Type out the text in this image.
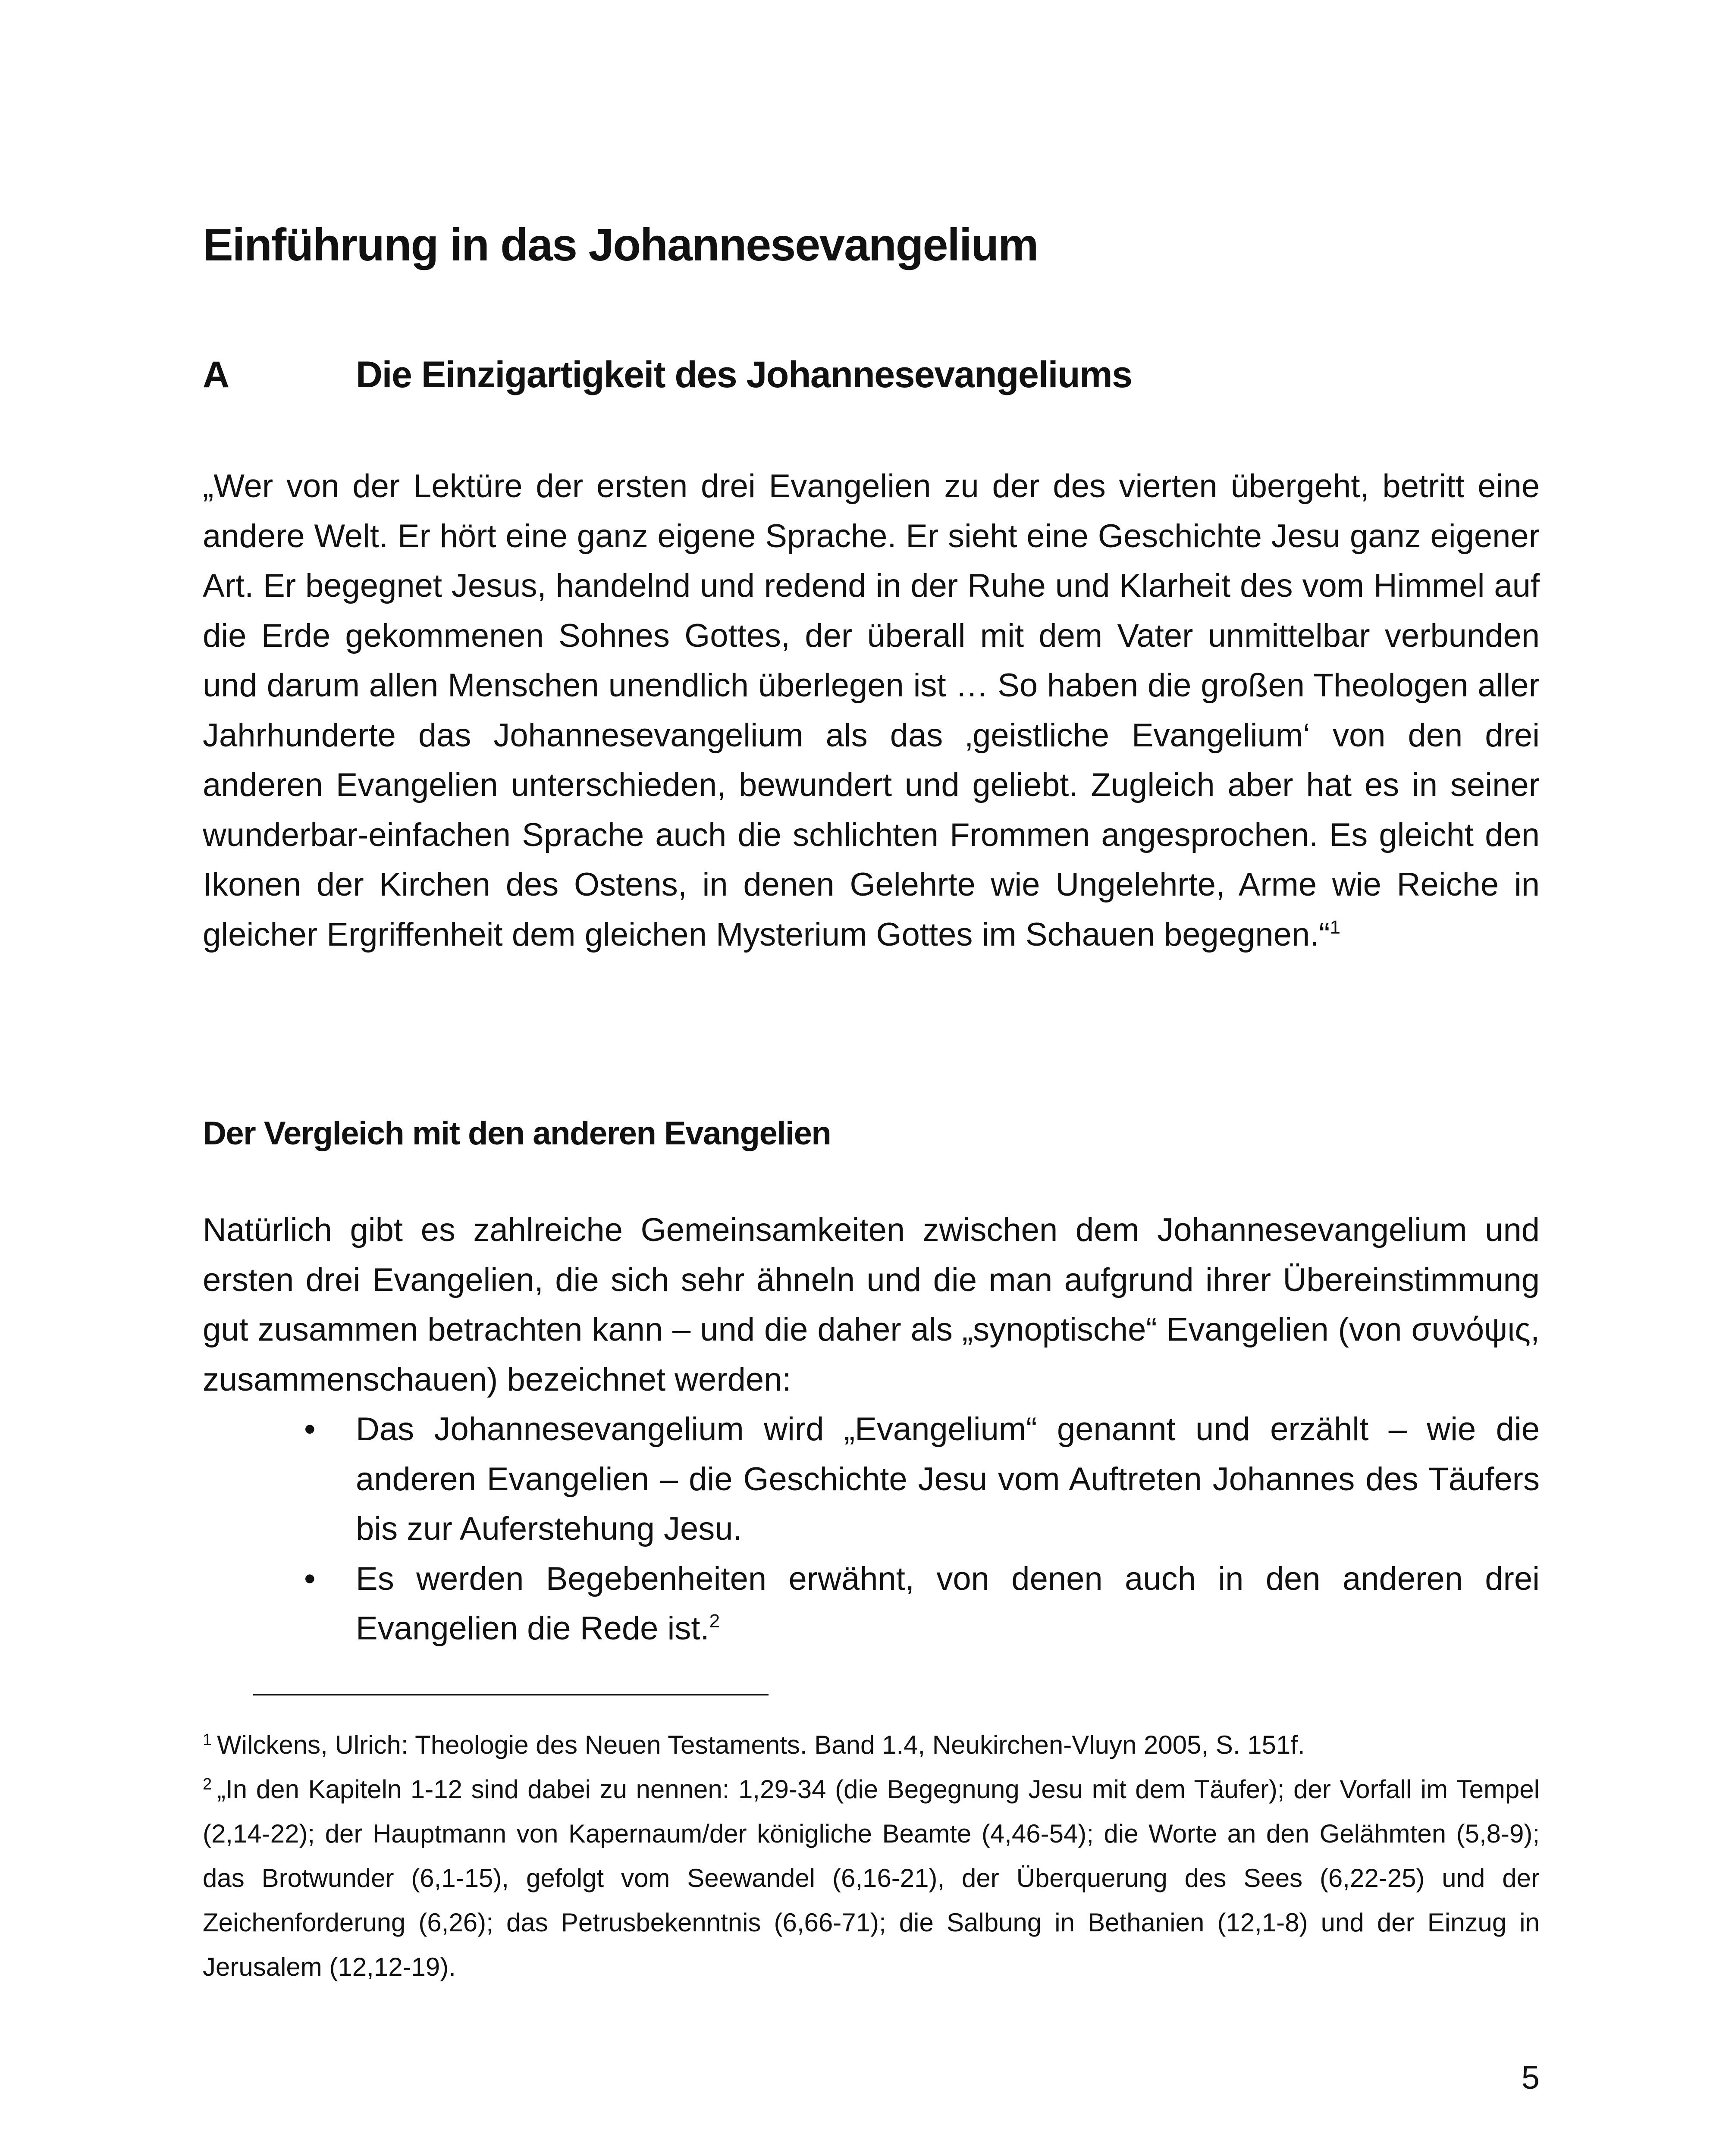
Einführung in das Johannesevangelium
A	Die Einzigartigkeit des Johannesevangeliums

„Wer von der Lektüre der ersten drei Evangelien zu der des vierten übergeht, betritt eine andere Welt. Er hört eine ganz eigene Sprache. Er sieht eine Geschichte Jesu ganz eigener Art. Er begegnet Jesus, handelnd und redend in der Ruhe und Klarheit des vom Himmel auf die Erde gekommenen Sohnes Gottes, der überall mit dem Vater unmittelbar verbunden und darum allen Menschen unendlich überlegen ist … So haben die großen Theologen aller Jahrhunderte das Johannesevangelium als das ‚geistliche Evangelium‘ von den drei anderen Evangelien unterschieden, bewundert und geliebt. Zugleich aber hat es in seiner wunderbar-einfachen Sprache auch die schlichten Frommen angesprochen. Es gleicht den Ikonen der Kirchen des Ostens, in denen Gelehrte wie Ungelehrte, Arme wie Reiche in gleicher Ergriffenheit dem gleichen Mysterium Gottes im Schauen begegnen.“$^1$

Der Vergleich mit den anderen Evangelien

Natürlich gibt es zahlreiche Gemeinsamkeiten zwischen dem Johannesevangelium und ersten drei Evangelien, die sich sehr ähneln und die man aufgrund ihrer Übereinstimmung gut zusammen betrachten kann – und die daher als „synoptische“ Evangelien (von συνόψις, zusammenschauen) bezeichnet werden:

• Das Johannesevangelium wird „Evangelium“ genannt und erzählt – wie die anderen Evangelien – die Geschichte Jesu vom Auftreten Johannes des Täufers bis zur Auferstehung Jesu.
• Es werden Begebenheiten erwähnt, von denen auch in den anderen drei Evangelien die Rede ist.$^2$

$^1$ Wilckens, Ulrich: Theologie des Neuen Testaments. Band 1.4, Neukirchen-Vluyn 2005, S. 151f.

$^2$ „In den Kapiteln 1-12 sind dabei zu nennen: 1,29-34 (die Begegnung Jesu mit dem Täufer); der Vorfall im Tempel (2,14-22); der Hauptmann von Kapernaum/der königliche Beamte (4,46-54); die Worte an den Gelähmten (5,8-9); das Brotwunder (6,1-15), gefolgt vom Seewandel (6,16-21), der Überquerung des Sees (6,22-25) und der Zeichenforderung (6,26); das Petrusbekenntnis (6,66-71); die Salbung in Bethanien (12,1-8) und der Einzug in Jerusalem (12,12-19).

5
